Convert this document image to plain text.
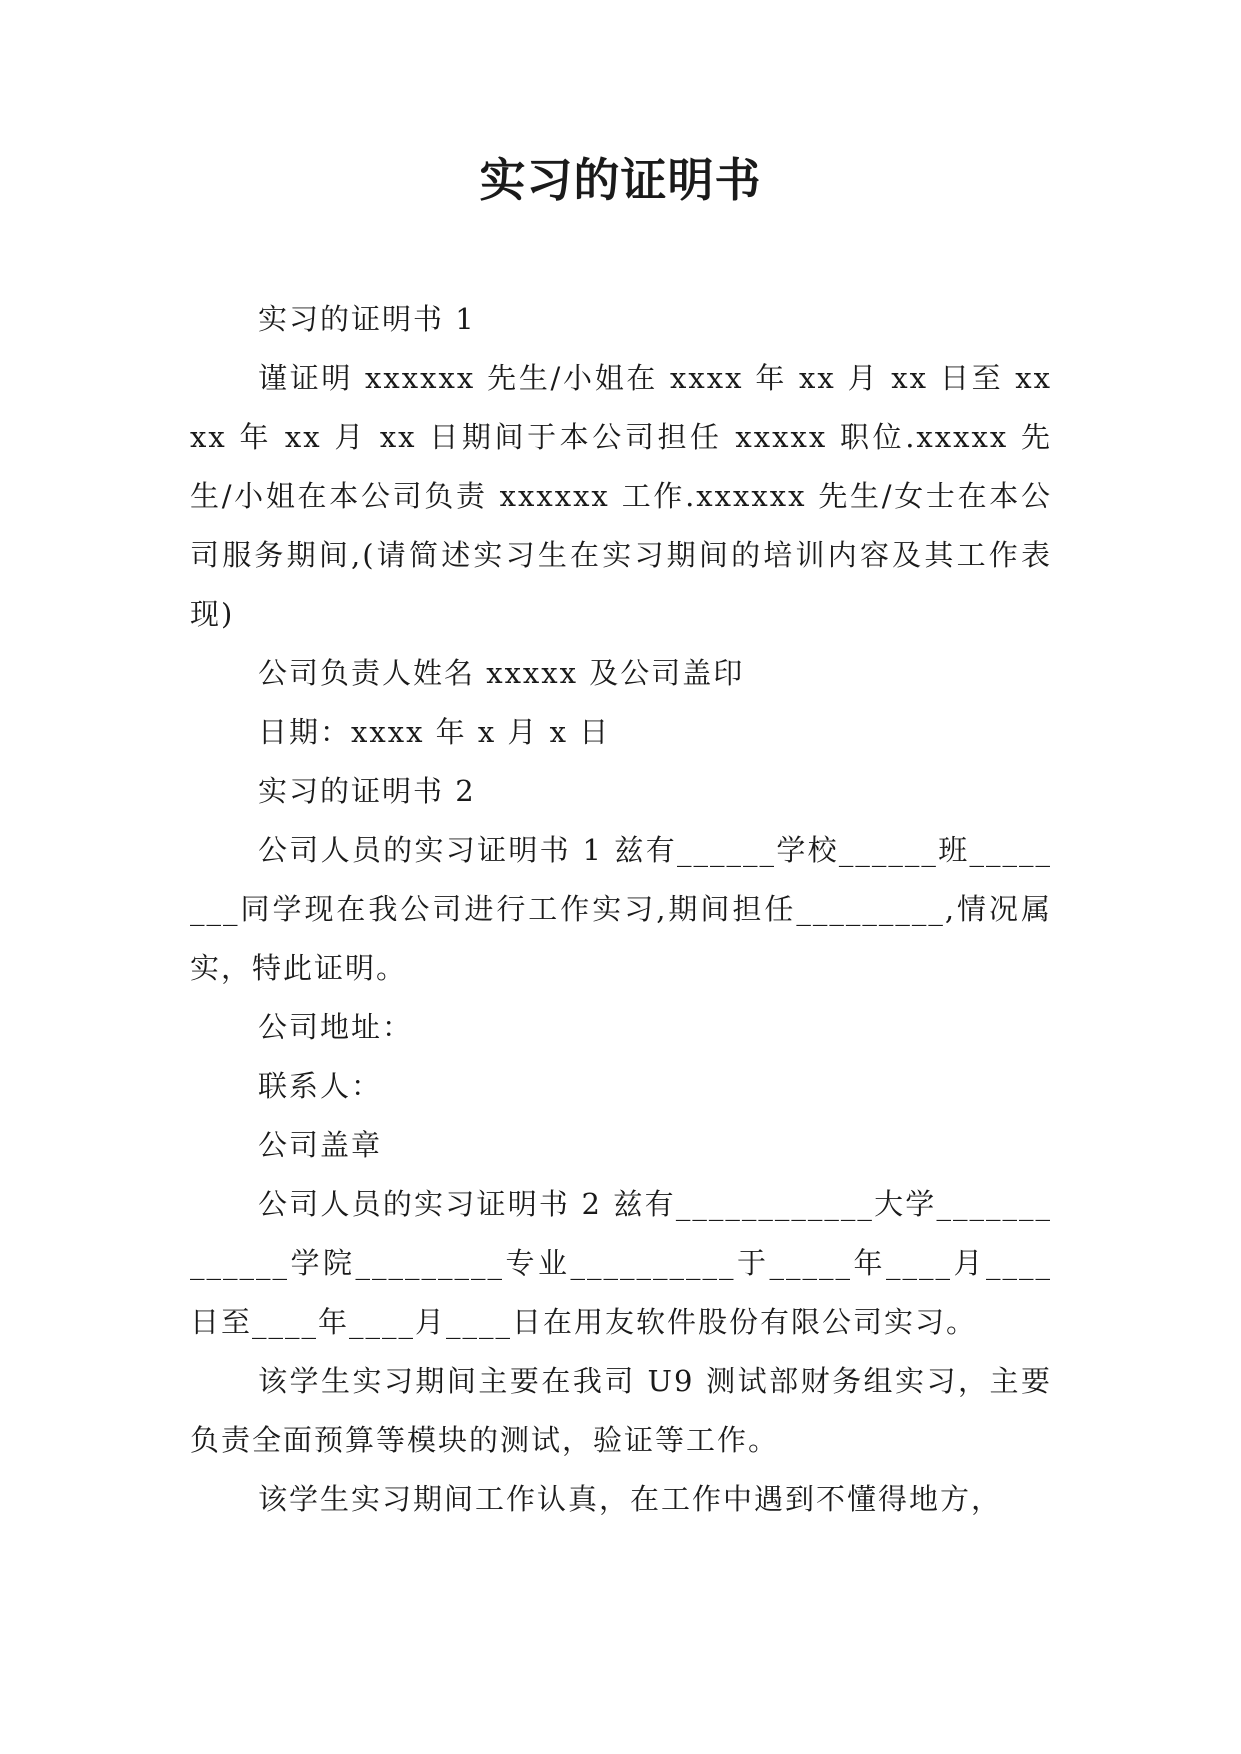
实习的证明书

实习的证明书 1

谨证明 xxxxxx 先生/小姐在 xxxx 年 xx 月 xx 日至 xxxx 年 xx 月 xx 日期间于本公司担任 xxxxx 职位.xxxxx 先生/小姐在本公司负责 xxxxxx 工作.xxxxxx 先生/女士在本公司服务期间,(请简述实习生在实习期间的培训内容及其工作表现)

公司负责人姓名 xxxxx 及公司盖印

日期：xxxx 年 x 月 x 日

实习的证明书 2

公司人员的实习证明书 1 兹有______学校______班________同学现在我公司进行工作实习,期间担任_________,情况属实，特此证明。

公司地址：

联系人：

公司盖章

公司人员的实习证明书 2 兹有____________大学_____________学院_________专业__________于_____年____月____日至____年____月____日在用友软件股份有限公司实习。

该学生实习期间主要在我司 U9 测试部财务组实习，主要负责全面预算等模块的测试，验证等工作。

该学生实习期间工作认真，在工作中遇到不懂得地方，
